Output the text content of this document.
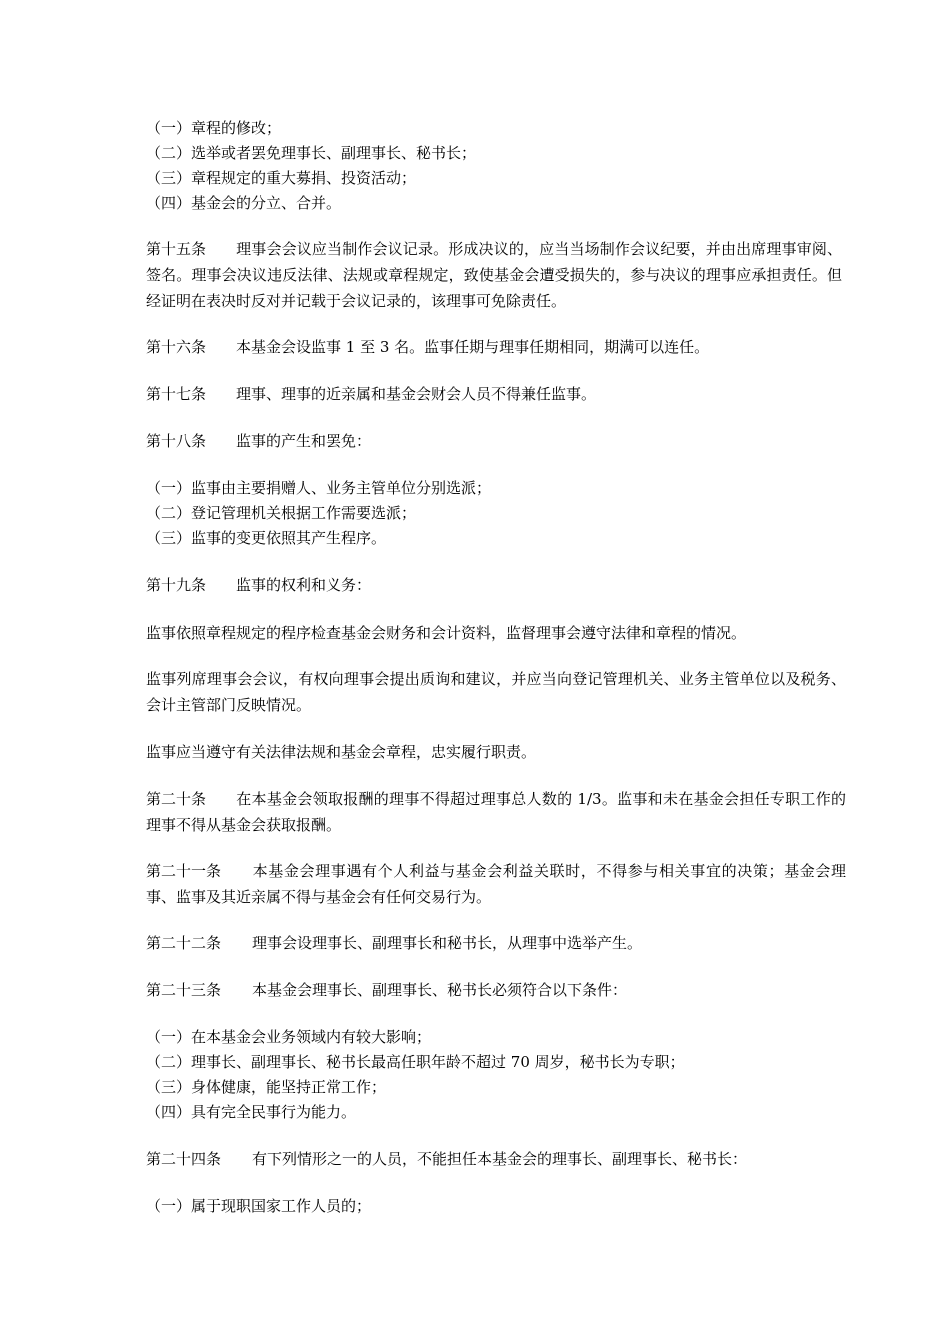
（一）章程的修改；
（二）选举或者罢免理事长、副理事长、秘书长；
（三）章程规定的重大募捐、投资活动；
（四）基金会的分立、合并。
第十五条 理事会会议应当制作会议记录。形成决议的，应当当场制作会议纪要，并由出席理事审阅、签名。理事会决议违反法律、法规或章程规定，致使基金会遭受损失的，参与决议的理事应承担责任。但经证明在表决时反对并记载于会议记录的，该理事可免除责任。
第十六条 本基金会设监事 1 至 3 名。监事任期与理事任期相同，期满可以连任。
第十七条 理事、理事的近亲属和基金会财会人员不得兼任监事。
第十八条 监事的产生和罢免：
（一）监事由主要捐赠人、业务主管单位分别选派；
（二）登记管理机关根据工作需要选派；
（三）监事的变更依照其产生程序。
第十九条 监事的权利和义务：
监事依照章程规定的程序检查基金会财务和会计资料，监督理事会遵守法律和章程的情况。
监事列席理事会会议，有权向理事会提出质询和建议，并应当向登记管理机关、业务主管单位以及税务、会计主管部门反映情况。
监事应当遵守有关法律法规和基金会章程，忠实履行职责。
第二十条 在本基金会领取报酬的理事不得超过理事总人数的 1/3。监事和未在基金会担任专职工作的理事不得从基金会获取报酬。
第二十一条 本基金会理事遇有个人利益与基金会利益关联时，不得参与相关事宜的决策；基金会理事、监事及其近亲属不得与基金会有任何交易行为。
第二十二条 理事会设理事长、副理事长和秘书长，从理事中选举产生。
第二十三条 本基金会理事长、副理事长、秘书长必须符合以下条件：
（一）在本基金会业务领域内有较大影响；
（二）理事长、副理事长、秘书长最高任职年龄不超过 70 周岁，秘书长为专职；
（三）身体健康，能坚持正常工作；
（四）具有完全民事行为能力。
第二十四条 有下列情形之一的人员，不能担任本基金会的理事长、副理事长、秘书长：
（一）属于现职国家工作人员的；
